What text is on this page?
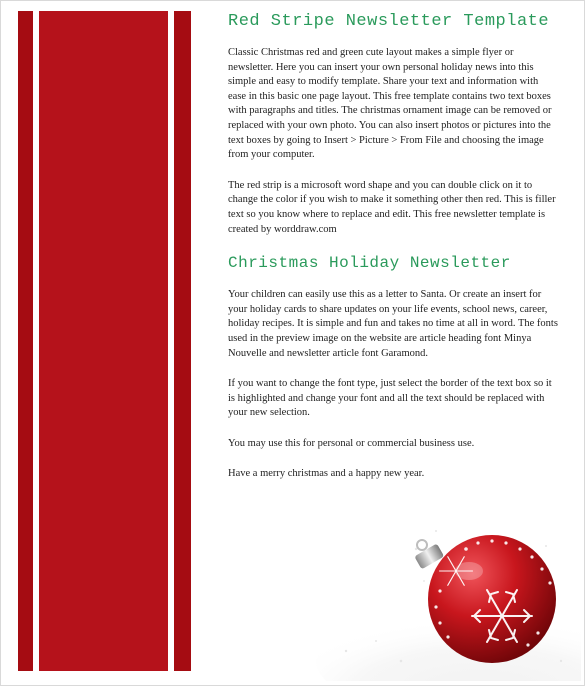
Red Stripe Newsletter Template

Classic Christmas red and green cute layout makes a simple flyer or newsletter. Here you can insert your own personal holiday news into this simple and easy to modify template. Share your text and information with ease in this basic one page layout. This free template contains two text boxes with paragraphs and titles. The christmas ornament image can be removed or replaced with your own photo. You can also insert photos or pictures into the text boxes by going to Insert > Picture > From File and choosing the image from your computer.

The red strip is a microsoft word shape and you can double click on it to change the color if you wish to make it something other then red. This is filler text so you know where to replace and edit. This free newsletter template is created by worddraw.com

Christmas Holiday Newsletter

Your children can easily use this as a letter to Santa. Or create an insert for your holiday cards to share updates on your life events, school news, career, holiday recipes. It is simple and fun and takes no time at all in word. The fonts used in the preview image on the website are article heading font Minya Nouvelle and newsletter article font Garamond.

If you want to change the font type, just select the border of the text box so it is highlighted and change your font and all the text should be replaced with your new selection.

You may use this for personal or commercial business use.

Have a merry christmas and a happy new year.
